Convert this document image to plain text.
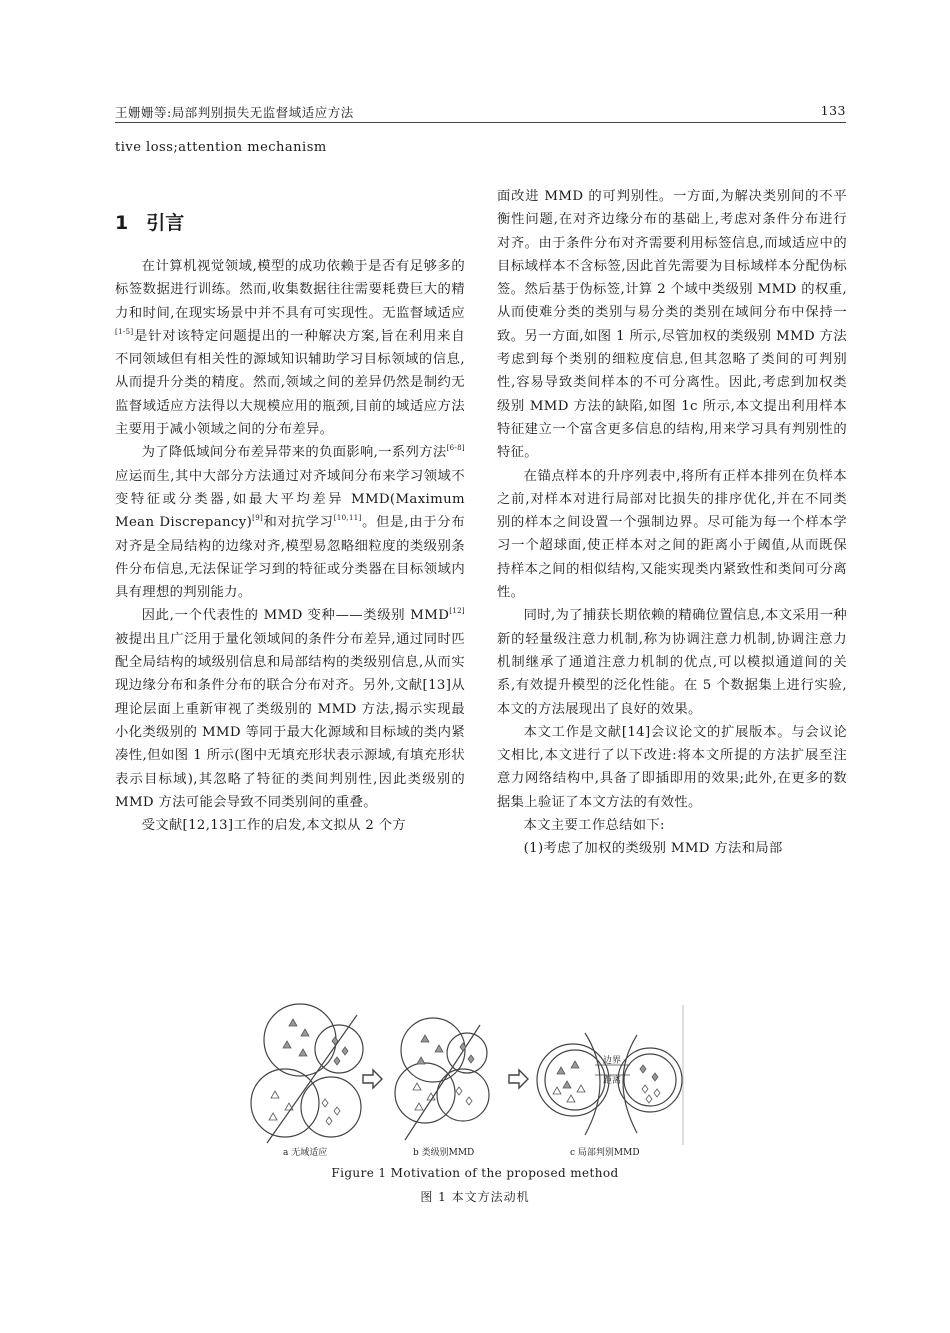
王姗姗等:局部判别损失无监督域适应方法	133
tive loss;attention mechanism
1 引言

在计算机视觉领域,模型的成功依赖于是否有足够多的标签数据进行训练。然而,收集数据往往需要耗费巨大的精力和时间,在现实场景中并不具有可实现性。无监督域适应[1-5]是针对该特定问题提出的一种解决方案,旨在利用来自不同领域但有相关性的源域知识辅助学习目标领域的信息,从而提升分类的精度。然而,领域之间的差异仍然是制约无监督域适应方法得以大规模应用的瓶颈,目前的域适应方法主要用于减小领域之间的分布差异。

为了降低域间分布差异带来的负面影响,一系列方法[6-8]应运而生,其中大部分方法通过对齐域间分布来学习领域不变特征或分类器,如最大平均差异 MMD(Maximum Mean Discrepancy)[9]和对抗学习[10,11]。但是,由于分布对齐是全局结构的边缘对齐,模型易忽略细粒度的类级别条件分布信息,无法保证学习到的特征或分类器在目标领域内具有理想的判别能力。

因此,一个代表性的 MMD 变种——类级别 MMD[12]被提出且广泛用于量化领域间的条件分布差异,通过同时匹配全局结构的域级别信息和局部结构的类级别信息,从而实现边缘分布和条件分布的联合分布对齐。另外,文献[13]从理论层面上重新审视了类级别的 MMD 方法,揭示实现最小化类级别的 MMD 等同于最大化源域和目标域的类内紧凑性,但如图 1 所示(图中无填充形状表示源域,有填充形状表示目标域),其忽略了特征的类间判别性,因此类级别的 MMD 方法可能会导致不同类别间的重叠。

受文献[12,13]工作的启发,本文拟从 2 个方

面改进 MMD 的可判别性。一方面,为解决类别间的不平衡性问题,在对齐边缘分布的基础上,考虑对条件分布进行对齐。由于条件分布对齐需要利用标签信息,而域适应中的目标域样本不含标签,因此首先需要为目标域样本分配伪标签。然后基于伪标签,计算 2 个域中类级别 MMD 的权重,从而使难分类的类别与易分类的类别在域间分布中保持一致。另一方面,如图 1 所示,尽管加权的类级别 MMD 方法考虑到每个类别的细粒度信息,但其忽略了类间的可判别性,容易导致类间样本的不可分离性。因此,考虑到加权类级别 MMD 方法的缺陷,如图 1c 所示,本文提出利用样本特征建立一个富含更多信息的结构,用来学习具有判别性的特征。

在锚点样本的升序列表中,将所有正样本排列在负样本之前,对样本对进行局部对比损失的排序优化,并在不同类别的样本之间设置一个强制边界。尽可能为每一个样本学习一个超球面,使正样本对之间的距离小于阈值,从而既保持样本之间的相似结构,又能实现类内紧致性和类间可分离性。

同时,为了捕获长期依赖的精确位置信息,本文采用一种新的轻量级注意力机制,称为协调注意力机制,协调注意力机制继承了通道注意力机制的优点,可以模拟通道间的关系,有效提升模型的泛化性能。在 5 个数据集上进行实验,本文的方法展现出了良好的效果。

本文工作是文献[14]会议论文的扩展版本。与会议论文相比,本文进行了以下改进:将本文所提的方法扩展至注意力网络结构中,具备了即插即用的效果;此外,在更多的数据集上验证了本文方法的有效性。

本文主要工作总结如下:

(1)考虑了加权的类级别 MMD 方法和局部

边界
距离
a 无域适应	b 类级别MMD	c 局部判别MMD
Figure 1 Motivation of the proposed method
图 1 本文方法动机
